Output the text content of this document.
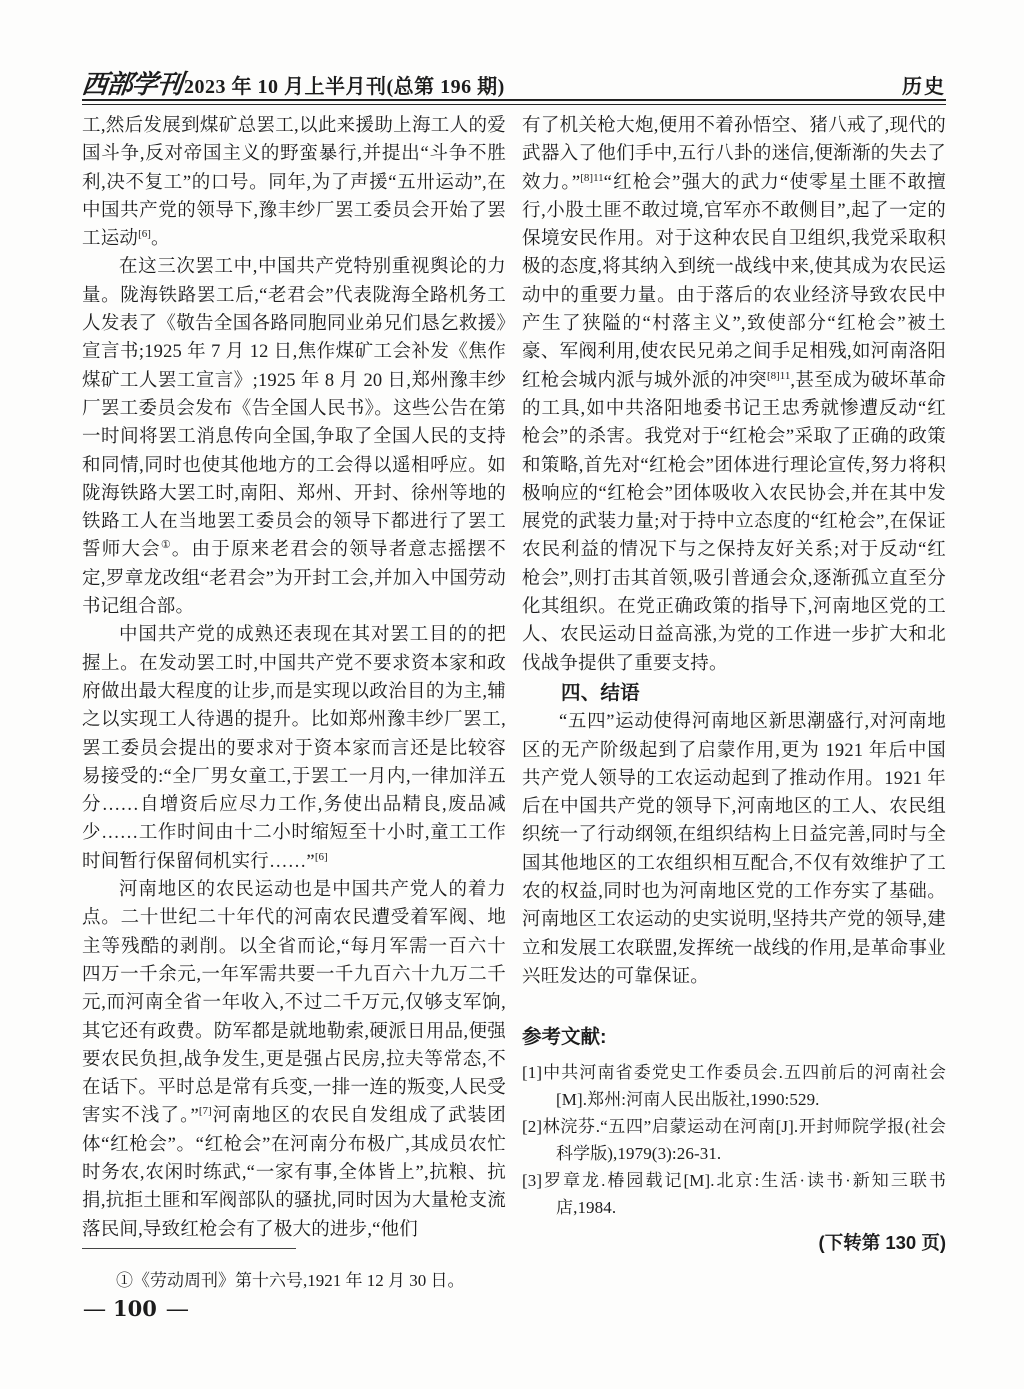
西部学刊 2023 年 10 月上半月刊(总第 196 期)	历史

工,然后发展到煤矿总罢工,以此来援助上海工人的爱国斗争,反对帝国主义的野蛮暴行,并提出“斗争不胜利,决不复工”的口号。同年,为了声援“五卅运动”,在中国共产党的领导下,豫丰纱厂罢工委员会开始了罢工运动[6]。

在这三次罢工中,中国共产党特别重视舆论的力量。陇海铁路罢工后,“老君会”代表陇海全路机务工人发表了《敬告全国各路同胞同业弟兄们恳乞救援》宣言书;1925 年 7 月 12 日,焦作煤矿工会补发《焦作煤矿工人罢工宣言》;1925 年 8 月 20 日,郑州豫丰纱厂罢工委员会发布《告全国人民书》。这些公告在第一时间将罢工消息传向全国,争取了全国人民的支持和同情,同时也使其他地方的工会得以遥相呼应。如陇海铁路大罢工时,南阳、郑州、开封、徐州等地的铁路工人在当地罢工委员会的领导下都进行了罢工誓师大会①。由于原来老君会的领导者意志摇摆不定,罗章龙改组“老君会”为开封工会,并加入中国劳动书记组合部。

中国共产党的成熟还表现在其对罢工目的的把握上。在发动罢工时,中国共产党不要求资本家和政府做出最大程度的让步,而是实现以政治目的为主,辅之以实现工人待遇的提升。比如郑州豫丰纱厂罢工,罢工委员会提出的要求对于资本家而言还是比较容易接受的:“全厂男女童工,于罢工一月内,一律加洋五分……自增资后应尽力工作,务使出品精良,废品减少……工作时间由十二小时缩短至十小时,童工工作时间暂行保留伺机实行……”[6]

河南地区的农民运动也是中国共产党人的着力点。二十世纪二十年代的河南农民遭受着军阀、地主等残酷的剥削。以全省而论,“每月军需一百六十四万一千余元,一年军需共要一千九百六十九万二千元,而河南全省一年收入,不过二千万元,仅够支军饷,其它还有政费。防军都是就地勒索,硬派日用品,便强要农民负担,战争发生,更是强占民房,拉夫等常态,不在话下。平时总是常有兵变,一排一连的叛变,人民受害实不浅了。”[7]河南地区的农民自发组成了武装团体“红枪会”。“红枪会”在河南分布极广,其成员农忙时务农,农闲时练武,“一家有事,全体皆上”,抗粮、抗捐,抗拒土匪和军阀部队的骚扰,同时因为大量枪支流落民间,导致红枪会有了极大的进步,“他们

有了机关枪大炮,便用不着孙悟空、猪八戒了,现代的武器入了他们手中,五行八卦的迷信,便渐渐的失去了效力。”$^{[8]11}$“红枪会”强大的武力“使零星土匪不敢擅行,小股土匪不敢过境,官军亦不敢侧目”,起了一定的保境安民作用。对于这种农民自卫组织,我党采取积极的态度,将其纳入到统一战线中来,使其成为农民运动中的重要力量。由于落后的农业经济导致农民中产生了狭隘的“村落主义”,致使部分“红枪会”被土豪、军阀利用,使农民兄弟之间手足相残,如河南洛阳红枪会城内派与城外派的冲突$^{[8]11}$,甚至成为破坏革命的工具,如中共洛阳地委书记王忠秀就惨遭反动“红枪会”的杀害。我党对于“红枪会”采取了正确的政策和策略,首先对“红枪会”团体进行理论宣传,努力将积极响应的“红枪会”团体吸收入农民协会,并在其中发展党的武装力量;对于持中立态度的“红枪会”,在保证农民利益的情况下与之保持友好关系;对于反动“红枪会”,则打击其首领,吸引普通会众,逐渐孤立直至分化其组织。在党正确政策的指导下,河南地区党的工人、农民运动日益高涨,为党的工作进一步扩大和北伐战争提供了重要支持。

四、结语

“五四”运动使得河南地区新思潮盛行,对河南地区的无产阶级起到了启蒙作用,更为 1921 年后中国共产党人领导的工农运动起到了推动作用。1921 年后在中国共产党的领导下,河南地区的工人、农民组织统一了行动纲领,在组织结构上日益完善,同时与全国其他地区的工农组织相互配合,不仅有效维护了工农的权益,同时也为河南地区党的工作夯实了基础。河南地区工农运动的史实说明,坚持共产党的领导,建立和发展工农联盟,发挥统一战线的作用,是革命事业兴旺发达的可靠保证。

参考文献:

[1]中共河南省委党史工作委员会.五四前后的河南社会[M].郑州:河南人民出版社,1990:529.

[2]林浣芬.“五四”启蒙运动在河南[J].开封师院学报(社会科学版),1979(3):26-31.

[3]罗章龙.椿园载记[M].北京:生活·读书·新知三联书店,1984.

(下转第 130 页)
①《劳动周刊》第十六号,1921 年 12 月 30 日。
— 100 —
